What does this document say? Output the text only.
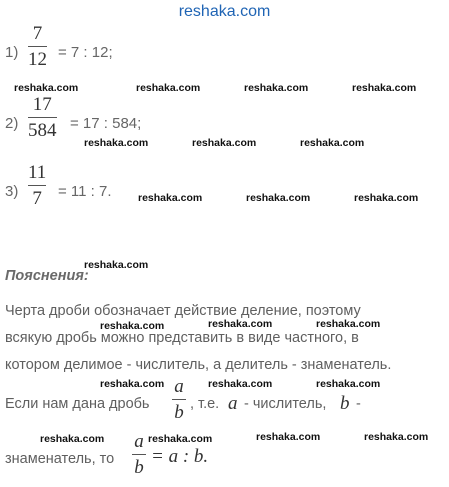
reshaka.com
1)
7
12 = 7 : 12;
2)
17
584 = 17 : 584;
3)
11
7 = 11 : 7.
Пояснения:
Черта дроби обозначает действие деление, поэтому
всякую дробь можно представить в виде частного, в
котором делимое - числитель, а делитель - знаменатель.
Если нам дана дробь
a
b , т.е. a - числитель, b -
знаменатель, то
a
b
= a : b.
reshaka.com	reshaka.com	reshaka.com	reshaka.com
reshaka.com	reshaka.com	reshaka.com
reshaka.com	reshaka.com	reshaka.com
reshaka.com
reshaka.com	reshaka.com	reshaka.com
reshaka.com	reshaka.com	reshaka.com
reshaka.com	reshaka.com	reshaka.com	reshaka.com
